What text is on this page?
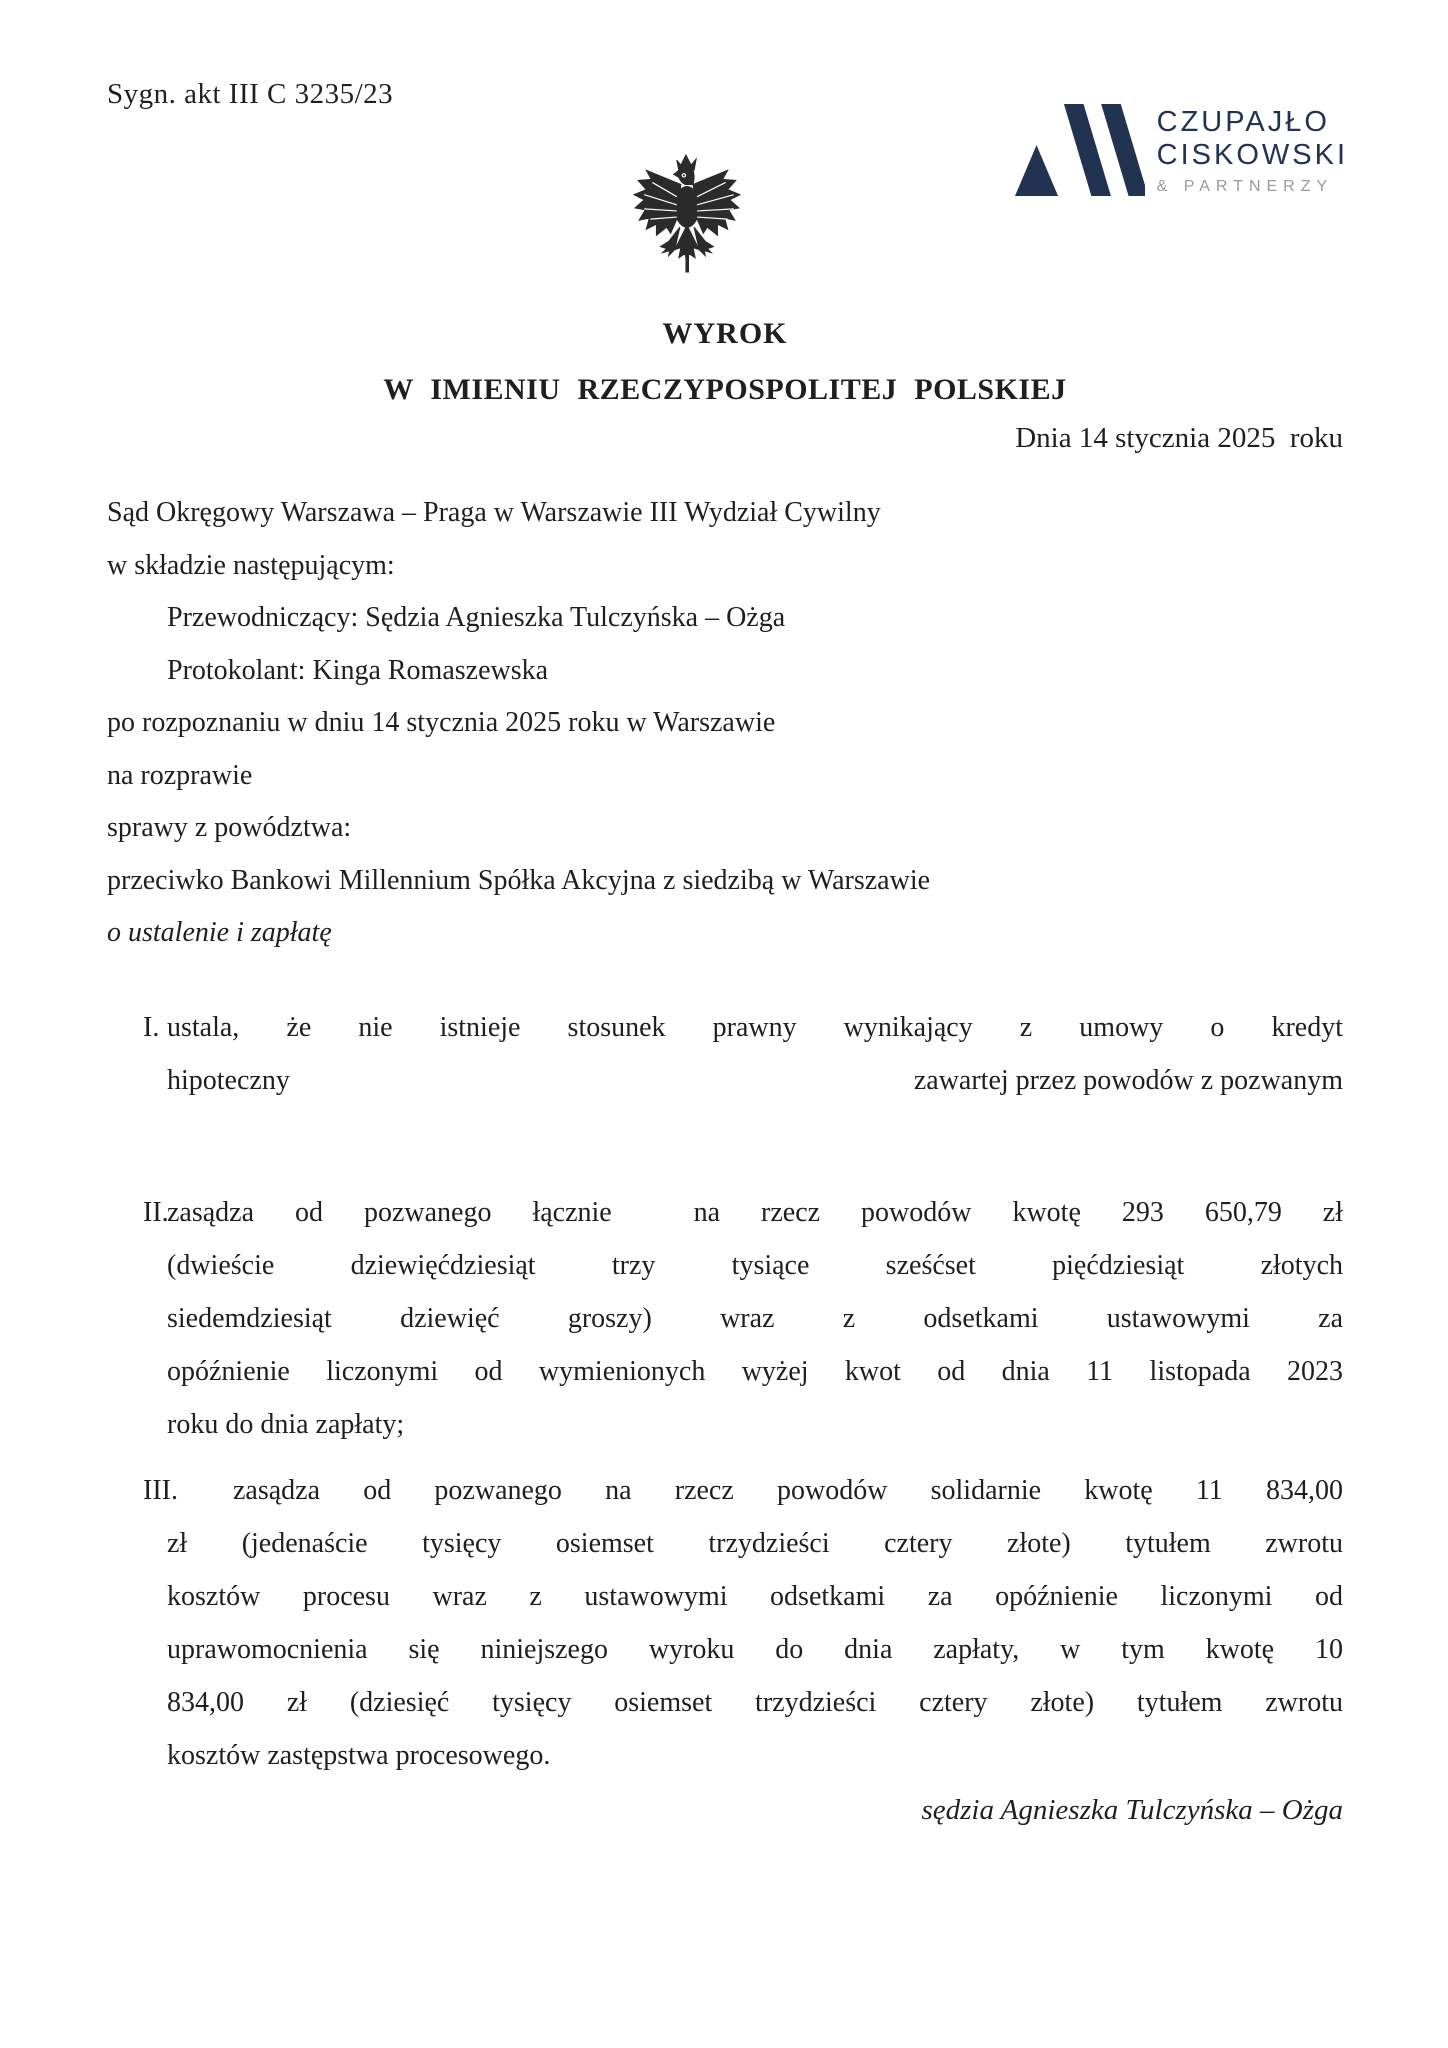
Sygn. akt III C 3235/23
CZUPAJŁO
CISKOWSKI
& PARTNERZY
WYROK
W IMIENIU RZECZYPOSPOLITEJ POLSKIEJ
Dnia 14 stycznia 2025  roku
Sąd Okręgowy Warszawa – Praga w Warszawie III Wydział Cywilny
w składzie następującym:
Przewodniczący: Sędzia Agnieszka Tulczyńska – Ożga
Protokolant: Kinga Romaszewska
po rozpoznaniu w dniu 14 stycznia 2025 roku w Warszawie
na rozprawie
sprawy z powództwa:
przeciwko Bankowi Millennium Spółka Akcyjna z siedzibą w Warszawie
o ustalenie i zapłatę
I. ustala, że nie istnieje stosunek prawny wynikający z umowy o kredyt
hipoteczny	zawartej przez powodów z pozwanym
II.
zasądza od pozwanego łącznie  na rzecz powodów kwotę 293 650,79 zł
(dwieście dziewięćdziesiąt trzy tysiące sześćset pięćdziesiąt złotych
siedemdziesiąt dziewięć groszy) wraz z odsetkami ustawowymi za
opóźnienie liczonymi od wymienionych wyżej kwot od dnia 11 listopada 2023
roku do dnia zapłaty;
III.	zasądza od pozwanego na rzecz powodów solidarnie kwotę 11 834,00
zł (jedenaście tysięcy osiemset trzydzieści cztery złote) tytułem zwrotu
kosztów procesu wraz z ustawowymi odsetkami za opóźnienie liczonymi od
uprawomocnienia się niniejszego wyroku do dnia zapłaty, w tym kwotę 10
834,00 zł (dziesięć tysięcy osiemset trzydzieści cztery złote) tytułem zwrotu
kosztów zastępstwa procesowego.
sędzia Agnieszka Tulczyńska – Ożga
